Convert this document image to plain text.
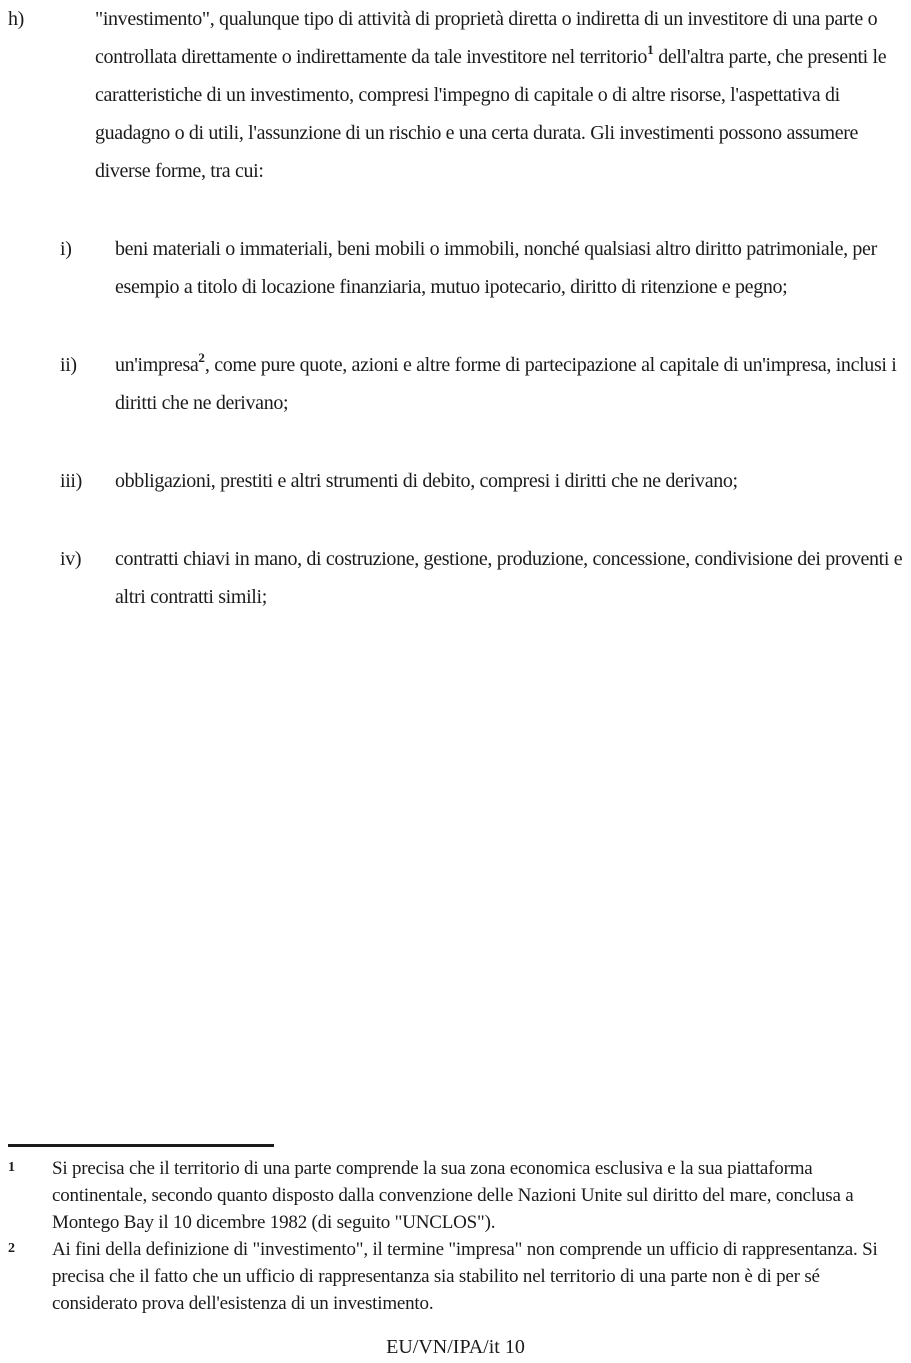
h)	"investimento", qualunque tipo di attività di proprietà diretta o indiretta di un investitore di una parte o controllata direttamente o indirettamente da tale investitore nel territorio$^1$ dell'altra parte, che presenti le caratteristiche di un investimento, compresi l'impegno di capitale o di altre risorse, l'aspettativa di guadagno o di utili, l'assunzione di un rischio e una certa durata. Gli investimenti possono assumere diverse forme, tra cui:
i)	beni materiali o immateriali, beni mobili o immobili, nonché qualsiasi altro diritto patrimoniale, per esempio a titolo di locazione finanziaria, mutuo ipotecario, diritto di ritenzione e pegno;
ii)	un'impresa$^2$, come pure quote, azioni e altre forme di partecipazione al capitale di un'impresa, inclusi i diritti che ne derivano;
iii)	obbligazioni, prestiti e altri strumenti di debito, compresi i diritti che ne derivano;
iv)	contratti chiavi in mano, di costruzione, gestione, produzione, concessione, condivisione dei proventi e altri contratti simili;
1	Si precisa che il territorio di una parte comprende la sua zona economica esclusiva e la sua piattaforma continentale, secondo quanto disposto dalla convenzione delle Nazioni Unite sul diritto del mare, conclusa a Montego Bay il 10 dicembre 1982 (di seguito "UNCLOS").
2	Ai fini della definizione di "investimento", il termine "impresa" non comprende un ufficio di rappresentanza. Si precisa che il fatto che un ufficio di rappresentanza sia stabilito nel territorio di una parte non è di per sé considerato prova dell'esistenza di un investimento.
EU/VN/IPA/it 10
